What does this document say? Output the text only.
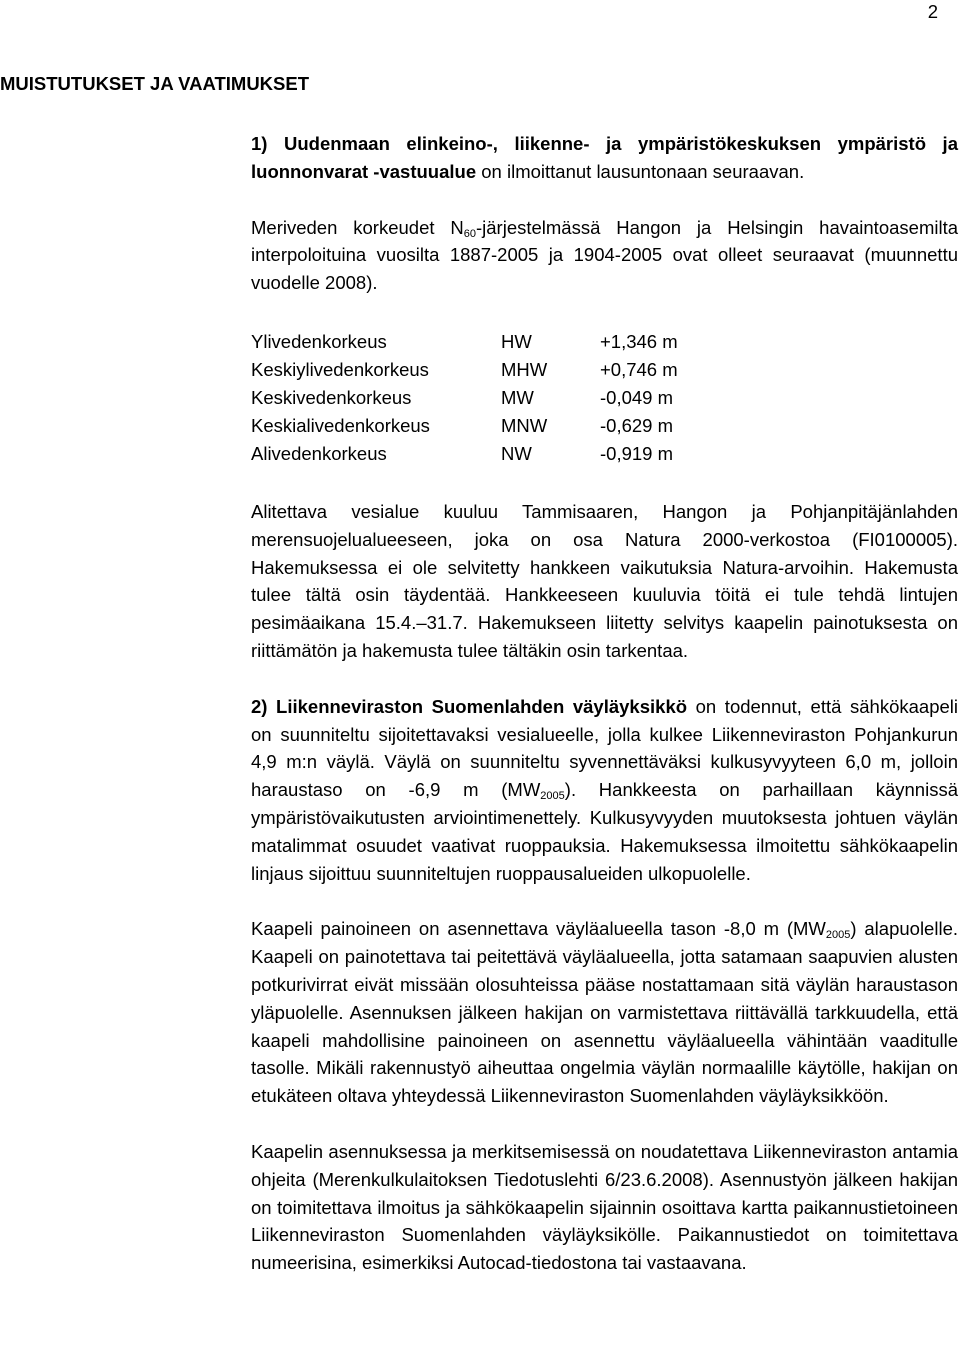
2
MUISTUTUKSET JA VAATIMUKSET

1) Uudenmaan elinkeino-, liikenne- ja ympäristökeskuksen ympäristö ja luonnonvarat -vastuualue on ilmoittanut lausuntonaan seuraavan.

Meriveden korkeudet $N_{60}$-järjestelmässä Hangon ja Helsingin havaintoasemilta interpoloituina vuosilta 1887-2005 ja 1904-2005 ovat olleet seuraavat (muunnettu vuodelle 2008).

Ylivedenkorkeus	HW	+1,346 m
Keskiylivedenkorkeus	MHW	+0,746 m
Keskivedenkorkeus	MW	-0,049 m
Keskialivedenkorkeus	MNW	-0,629 m
Alivedenkorkeus	NW	-0,919 m

Alitettava vesialue kuuluu Tammisaaren, Hangon ja Pohjanpitäjänlahden merensuojelualueeseen, joka on osa Natura 2000-verkostoa (FI0100005). Hakemuksessa ei ole selvitetty hankkeen vaikutuksia Natura-arvoihin. Hakemusta tulee tältä osin täydentää. Hankkeeseen kuuluvia töitä ei tule tehdä lintujen pesimäaikana 15.4.–31.7. Hakemukseen liitetty selvitys kaapelin painotuksesta on riittämätön ja hakemusta tulee tältäkin osin tarkentaa.

2) Liikenneviraston Suomenlahden väyläyksikkö on todennut, että sähkökaapeli on suunniteltu sijoitettavaksi vesialueelle, jolla kulkee Liikenneviraston Pohjankurun 4,9 m:n väylä. Väylä on suunniteltu syvennettäväksi kulkusyvyyteen 6,0 m, jolloin haraustaso on -6,9 m $(MW_{2005})$. Hankkeesta on parhaillaan käynnissä ympäristövaikutusten arviointimenettely. Kulkusyvyyden muutoksesta johtuen väylän matalimmat osuudet vaativat ruoppauksia. Hakemuksessa ilmoitettu sähkökaapelin linjaus sijoittuu suunniteltujen ruoppausalueiden ulkopuolelle.

Kaapeli painoineen on asennettava väyläalueella tason -8,0 m $(MW_{2005})$ alapuolelle. Kaapeli on painotettava tai peitettävä väyläalueella, jotta satamaan saapuvien alusten potkurivirrat eivät missään olosuhteissa pääse nostattamaan sitä väylän haraustason yläpuolelle. Asennuksen jälkeen hakijan on varmistettava riittävällä tarkkuudella, että kaapeli mahdollisine painoineen on asennettu väyläalueella vähintään vaaditulle tasolle. Mikäli rakennustyö aiheuttaa ongelmia väylän normaalille käytölle, hakijan on etukäteen oltava yhteydessä Liikenneviraston Suomenlahden väyläyksikköön.

Kaapelin asennuksessa ja merkitsemisessä on noudatettava Liikenneviraston antamia ohjeita (Merenkulkulaitoksen Tiedotuslehti 6/23.6.2008). Asennustyön jälkeen hakijan on toimitettava ilmoitus ja sähkökaapelin sijainnin osoittava kartta paikannustietoineen Liikenneviraston Suomenlahden väyläyksikölle. Paikannustiedot on toimitettava numeerisina, esimerkiksi Autocad-tiedostona tai vastaavana.
